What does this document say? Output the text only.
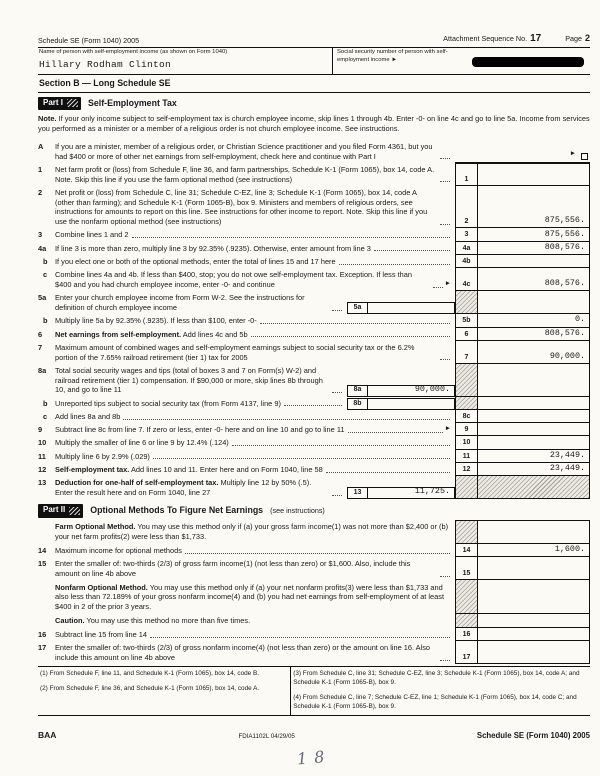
Schedule SE (Form 1040) 2005	Attachment Sequence No. 17	Page 2
Name of person with self-employment income (as shown on Form 1040)
Hillary Rodham Clinton
Social security number of person with self-employment income ►
Section B — Long Schedule SE
Part I	Self-Employment Tax

Note. If your only income subject to self-employment tax is church employee income, skip lines 1 through 4b. Enter -0- on line 4c and go to line 5a. Income from services you performed as a minister or a member of a religious order is not church employee income. See instructions.

A	If you are a minister, member of a religious order, or Christian Science practitioner and you filed Form 4361, but you had $400 or more of other net earnings from self-employment, check here and continue with Part I	►
1	Net farm profit or (loss) from Schedule F, line 36, and farm partnerships, Schedule K-1 (Form 1065), box 14, code A. Note. Skip this line if you use the farm optional method (see instructions)	1
2	Net profit or (loss) from Schedule C, line 31; Schedule C-EZ, line 3; Schedule K-1 (Form 1065), box 14, code A (other than farming); and Schedule K-1 (Form 1065-B), box 9. Ministers and members of religious orders, see instructions for amounts to report on this line. See instructions for other income to report. Note. Skip this line if you use the nonfarm optional method (see instructions)	2	875,556.
3	Combine lines 1 and 2	3	875,556.
4a	If line 3 is more than zero, multiply line 3 by 92.35% (.9235). Otherwise, enter amount from line 3	4a	808,576.
b	If you elect one or both of the optional methods, enter the total of lines 15 and 17 here	4b
c	Combine lines 4a and 4b. If less than $400, stop; you do not owe self-employment tax. Exception. If less than $400 and you had church employee income, enter -0- and continue	►	4c	808,576.
5a	Enter your church employee income from Form W-2. See the instructions for definition of church employee income	5a
b	Multiply line 5a by 92.35% (.9235). If less than $100, enter -0-	5b	0.
6	Net earnings from self-employment. Add lines 4c and 5b	6	808,576.
7	Maximum amount of combined wages and self-employment earnings subject to social security tax or the 6.2% portion of the 7.65% railroad retirement (tier 1) tax for 2005	7	90,000.
8a	Total social security wages and tips (total of boxes 3 and 7 on Form(s) W-2) and railroad retirement (tier 1) compensation. If $90,000 or more, skip lines 8b through 10, and go to line 11	8a	90,000.
b	Unreported tips subject to social security tax (from Form 4137, line 9)	8b
c	Add lines 8a and 8b	8c
9	Subtract line 8c from line 7. If zero or less, enter -0- here and on line 10 and go to line 11	►	9
10	Multiply the smaller of line 6 or line 9 by 12.4% (.124)	10
11	Multiply line 6 by 2.9% (.029)	11	23,449.
12	Self-employment tax. Add lines 10 and 11. Enter here and on Form 1040, line 58	12	23,449.
13	Deduction for one-half of self-employment tax. Multiply line 12 by 50% (.5). Enter the result here and on Form 1040, line 27	13	11,725.
Part II	Optional Methods To Figure Net Earnings (see instructions)
Farm Optional Method. You may use this method only if (a) your gross farm income(1) was not more than $2,400 or (b) your net farm profits(2) were less than $1,733.
14	Maximum income for optional methods	14	1,600.
15	Enter the smaller of: two-thirds (2/3) of gross farm income(1) (not less than zero) or $1,600. Also, include this amount on line 4b above	15
Nonfarm Optional Method. You may use this method only if (a) your net nonfarm profits(3) were less than $1,733 and also less than 72.189% of your gross nonfarm income(4) and (b) you had net earnings from self-employment of at least $400 in 2 of the prior 3 years.
Caution. You may use this method no more than five times.
16	Subtract line 15 from line 14	16
17	Enter the smaller of: two-thirds (2/3) of gross nonfarm income(4) (not less than zero) or the amount on line 16. Also include this amount on line 4b above	17
(1) From Schedule F, line 11, and Schedule K-1 (Form 1065), box 14, code B.
(2) From Schedule F, line 36, and Schedule K-1 (Form 1065), box 14, code A.
(3) From Schedule C, line 31; Schedule C-EZ, line 3; Schedule K-1 (Form 1065), box 14, code A; and Schedule K-1 (Form 1065-B), box 9.
(4) From Schedule C, line 7; Schedule C-EZ, line 1; Schedule K-1 (Form 1065), box 14, code C; and Schedule K-1 (Form 1065-B), box 9.
BAA	FDIA1102L 04/29/05	Schedule SE (Form 1040) 2005
18
